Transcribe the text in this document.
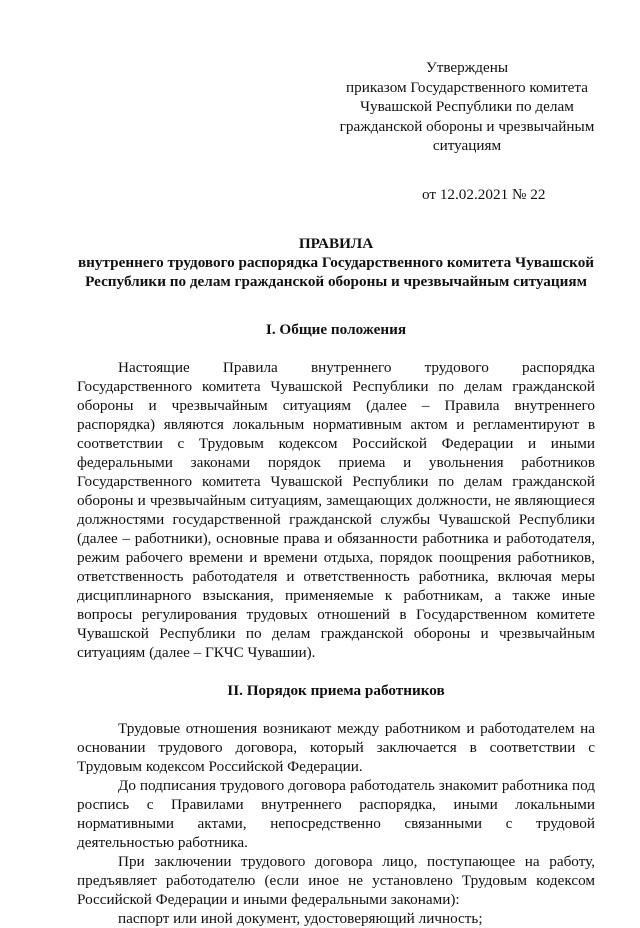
Утверждены
приказом Государственного комитета
Чувашской Республики по делам
гражданской обороны и чрезвычайным
ситуациям
от 12.02.2021 № 22
ПРАВИЛА
внутреннего трудового распорядка Государственного комитета Чувашской
Республики по делам гражданской обороны и чрезвычайным ситуациям
I. Общие положения

Настоящие Правила внутреннего трудового распорядка Государственного комитета Чувашской Республики по делам гражданской обороны и чрезвычайным ситуациям (далее – Правила внутреннего распорядка) являются локальным нормативным актом и регламентируют в соответствии с Трудовым кодексом Российской Федерации и иными федеральными законами порядок приема и увольнения работников Государственного комитета Чувашской Республики по делам гражданской обороны и чрезвычайным ситуациям, замещающих должности, не являющиеся должностями государственной гражданской службы Чувашской Республики (далее – работники), основные права и обязанности работника и работодателя, режим рабочего времени и времени отдыха, порядок поощрения работников, ответственность работодателя и ответственность работника, включая меры дисциплинарного взыскания, применяемые к работникам, а также иные вопросы регулирования трудовых отношений в Государственном комитете Чувашской Республики по делам гражданской обороны и чрезвычайным ситуациям (далее – ГКЧС Чувашии).

II. Порядок приема работников

Трудовые отношения возникают между работником и работодателем на основании трудового договора, который заключается в соответствии с Трудовым кодексом Российской Федерации.

До подписания трудового договора работодатель знакомит работника под роспись с Правилами внутреннего распорядка, иными локальными нормативными актами, непосредственно связанными с трудовой деятельностью работника.

При заключении трудового договора лицо, поступающее на работу, предъявляет работодателю (если иное не установлено Трудовым кодексом Российской Федерации и иными федеральными законами):

паспорт или иной документ, удостоверяющий личность;
